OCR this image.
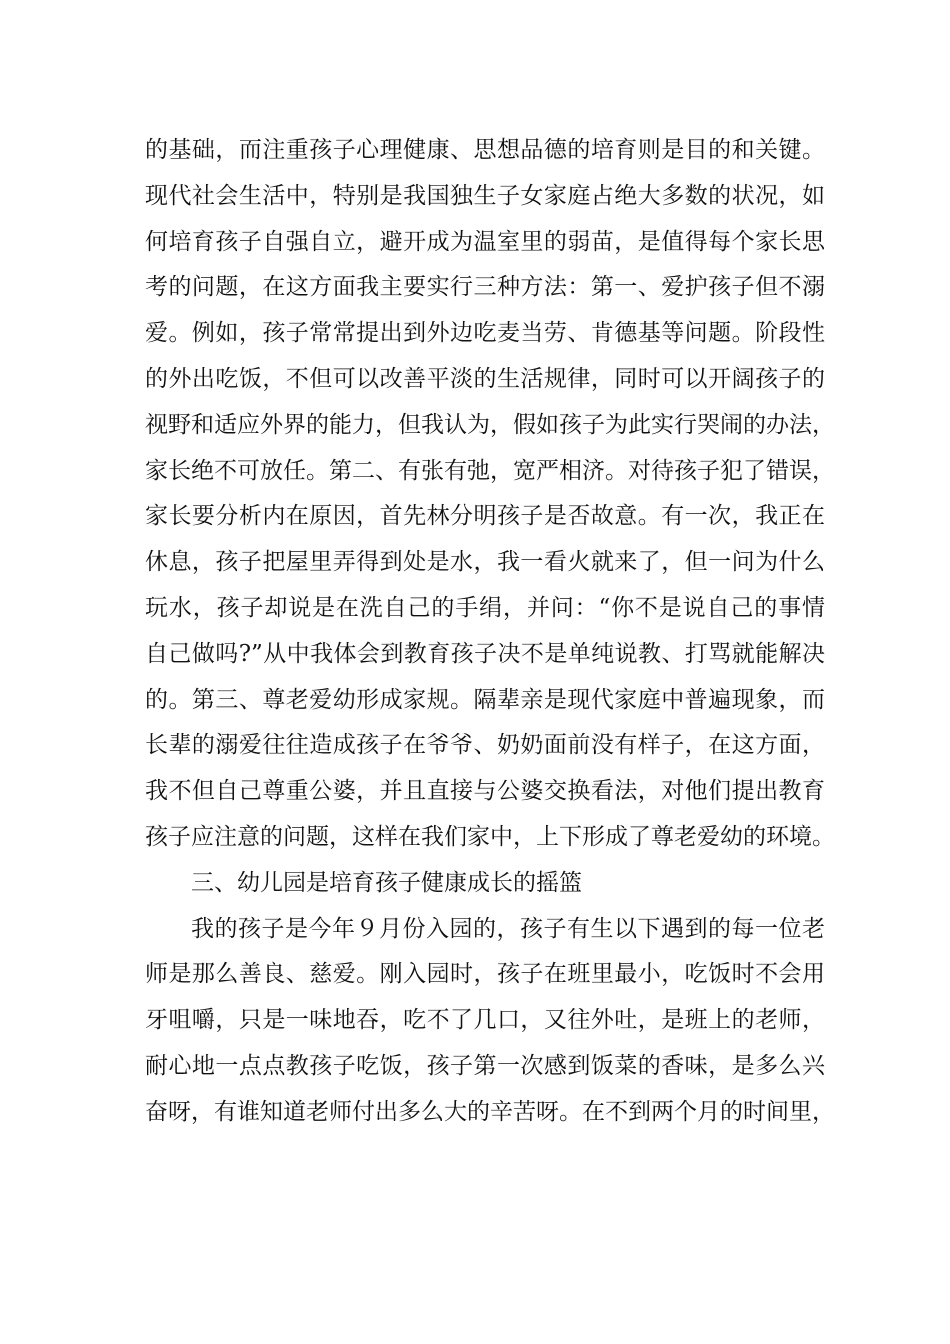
的基础，而注重孩子心理健康、思想品德的培育则是目的和关键。
现代社会生活中，特别是我国独生子女家庭占绝大多数的状况，如
何培育孩子自强自立，避开成为温室里的弱苗，是值得每个家长思
考的问题，在这方面我主要实行三种方法：第一、爱护孩子但不溺
爱。例如，孩子常常提出到外边吃麦当劳、肯德基等问题。阶段性
的外出吃饭，不但可以改善平淡的生活规律，同时可以开阔孩子的
视野和适应外界的能力，但我认为，假如孩子为此实行哭闹的办法，
家长绝不可放任。第二、有张有弛，宽严相济。对待孩子犯了错误，
家长要分析内在原因，首先林分明孩子是否故意。有一次，我正在
休息，孩子把屋里弄得到处是水，我一看火就来了，但一问为什么
玩水，孩子却说是在洗自己的手绢，并问：“你不是说自己的事情
自己做吗?”从中我体会到教育孩子决不是单纯说教、打骂就能解决
的。第三、尊老爱幼形成家规。隔辈亲是现代家庭中普遍现象，而
长辈的溺爱往往造成孩子在爷爷、奶奶面前没有样子，在这方面，
我不但自己尊重公婆，并且直接与公婆交换看法，对他们提出教育
孩子应注意的问题，这样在我们家中，上下形成了尊老爱幼的环境。
三、幼儿园是培育孩子健康成长的摇篮
我的孩子是今年９月份入园的，孩子有生以下遇到的每一位老
师是那么善良、慈爱。刚入园时，孩子在班里最小，吃饭时不会用
牙咀嚼，只是一味地吞，吃不了几口，又往外吐，是班上的老师，
耐心地一点点教孩子吃饭，孩子第一次感到饭菜的香味，是多么兴
奋呀，有谁知道老师付出多么大的辛苦呀。在不到两个月的时间里，
